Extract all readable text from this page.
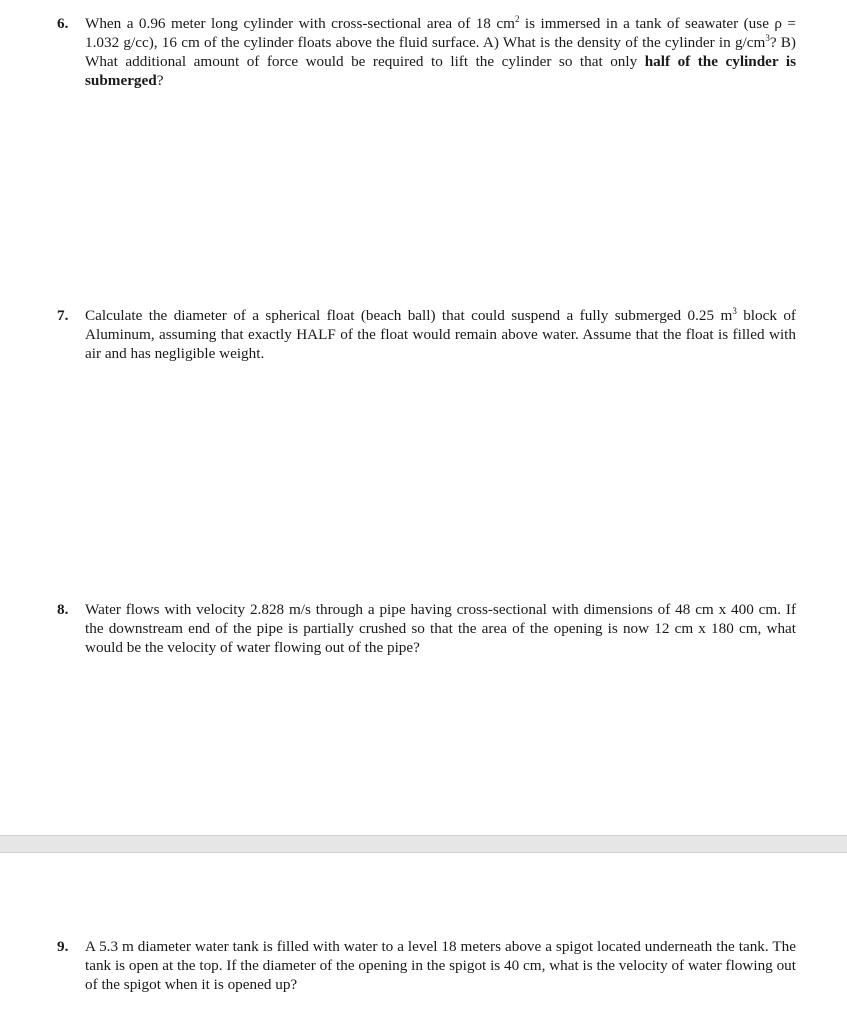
6.	When a 0.96 meter long cylinder with cross-sectional area of 18 $cm^2$ is immersed in a tank of seawater (use ρ = 1.032 g/cc), 16 cm of the cylinder floats above the fluid surface. A) What is the density of the cylinder in $g/cm^3$? B) What additional amount of force would be required to lift the cylinder so that only half of the cylinder is submerged?
7.	Calculate the diameter of a spherical float (beach ball) that could suspend a fully submerged 0.25 $m^3$ block of Aluminum, assuming that exactly HALF of the float would remain above water. Assume that the float is filled with air and has negligible weight.
8.	Water flows with velocity 2.828 m/s through a pipe having cross-sectional with dimensions of 48 cm x 400 cm. If the downstream end of the pipe is partially crushed so that the area of the opening is now 12 cm x 180 cm, what would be the velocity of water flowing out of the pipe?
9.	A 5.3 m diameter water tank is filled with water to a level 18 meters above a spigot located underneath the tank. The tank is open at the top. If the diameter of the opening in the spigot is 40 cm, what is the velocity of water flowing out of the spigot when it is opened up?
